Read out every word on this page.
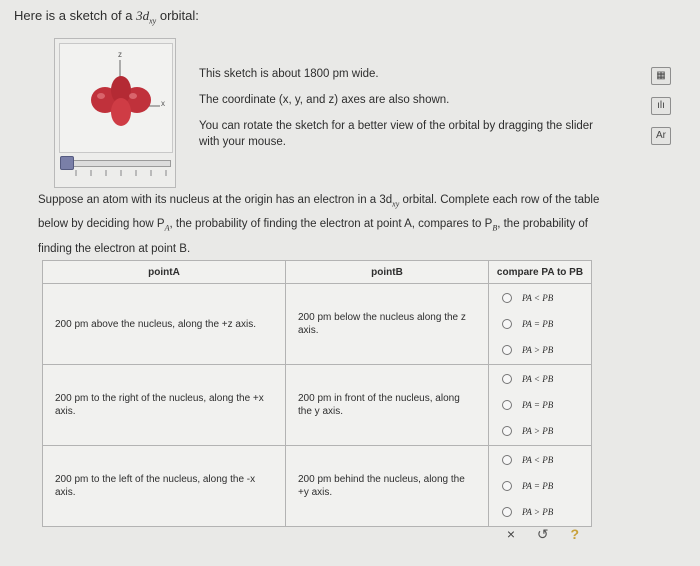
Here is a sketch of a $3d_{xy}$ orbital:
z
x

This sketch is about 1800 pm wide.

The coordinate (x, y, and z) axes are also shown.

You can rotate the sketch for a better view of the orbital by dragging the slider with your mouse.

▦
ılı
Ar
Suppose an atom with its nucleus at the origin has an electron in a $3d_{xy}$ orbital. Complete each row of the table below by deciding how $P_A$, the probability of finding the electron at point A, compares to $P_B$, the probability of finding the electron at point B.
pointA	pointB	compare PA to PB
200 pm above the nucleus, along the +z axis.	200 pm below the nucleus along the z axis.	PA < PB
PA = PB
PA > PB

200 pm to the right of the nucleus, along the +x axis.	200 pm in front of the nucleus, along the y axis.	PA < PB
PA = PB
PA > PB

200 pm to the left of the nucleus, along the -x axis.	200 pm behind the nucleus, along the +y axis.	PA < PB
PA = PB
PA > PB
× ↺ ?
